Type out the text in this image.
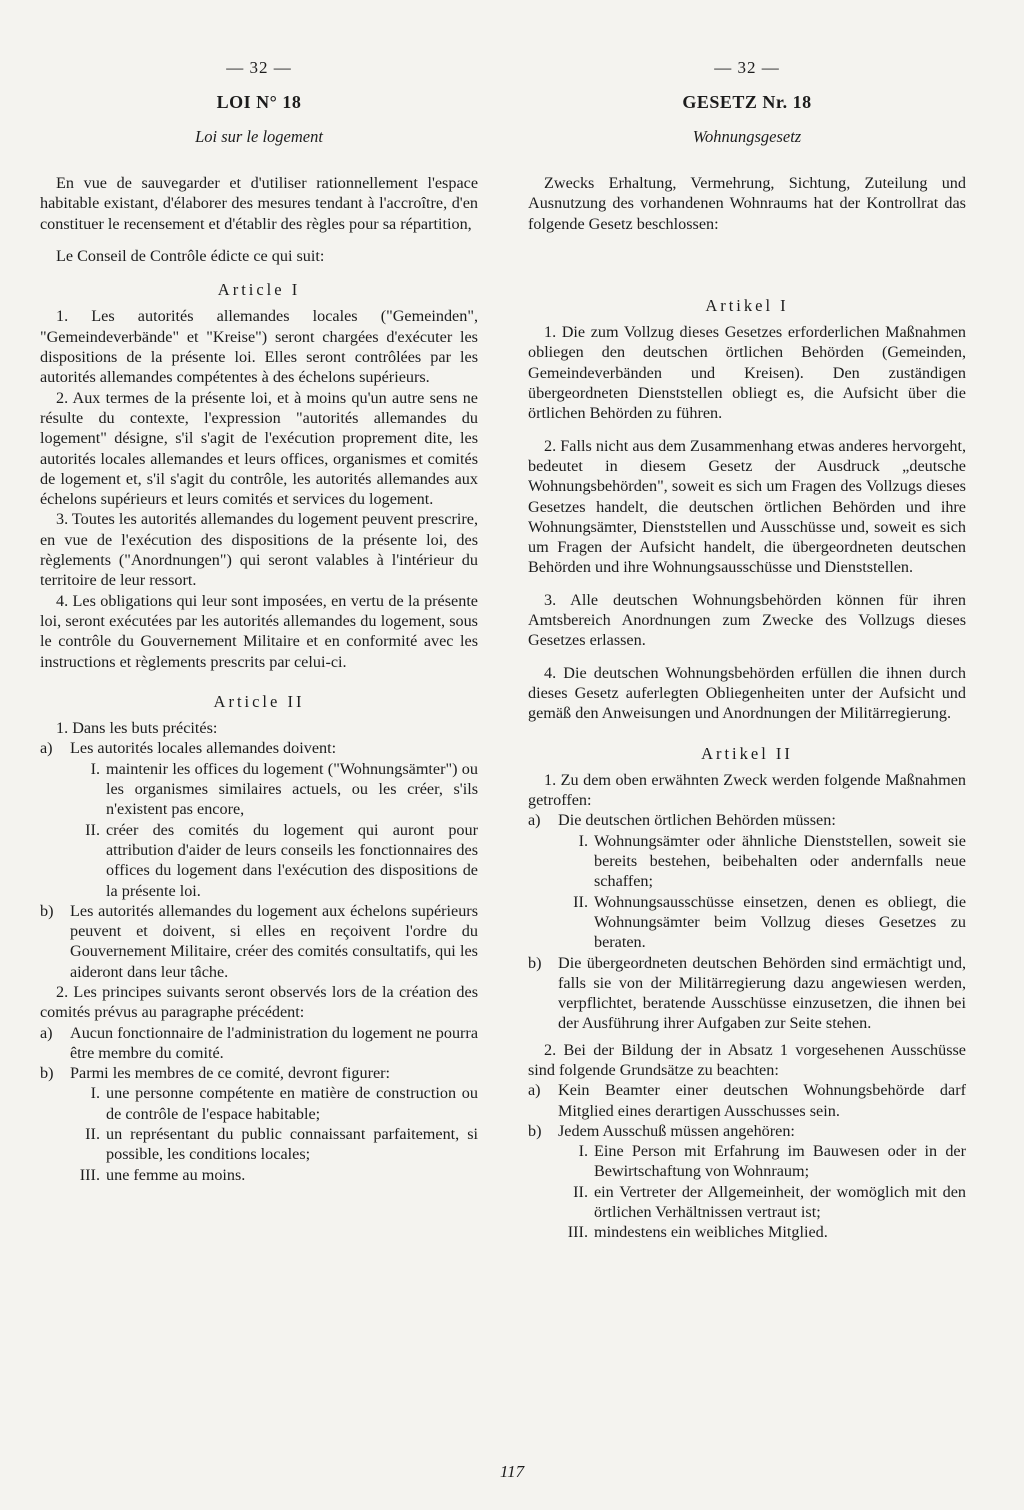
— 32 —
LOI N° 18
Loi sur le logement

En vue de sauvegarder et d'utiliser rationnellement l'espace habitable existant, d'élaborer des mesures tendant à l'accroître, d'en constituer le recensement et d'établir des règles pour sa répartition,

Le Conseil de Contrôle édicte ce qui suit:

Article I

1. Les autorités allemandes locales ("Gemeinden", "Gemeindeverbände" et "Kreise") seront chargées d'exécuter les dispositions de la présente loi. Elles seront contrôlées par les autorités allemandes compétentes à des échelons supérieurs.

2. Aux termes de la présente loi, et à moins qu'un autre sens ne résulte du contexte, l'expression "autorités allemandes du logement" désigne, s'il s'agit de l'exécution proprement dite, les autorités locales allemandes et leurs offices, organismes et comités de logement et, s'il s'agit du contrôle, les autorités allemandes aux échelons supérieurs et leurs comités et services du logement.

3. Toutes les autorités allemandes du logement peuvent prescrire, en vue de l'exécution des dispositions de la présente loi, des règlements ("Anordnungen") qui seront valables à l'intérieur du territoire de leur ressort.

4. Les obligations qui leur sont imposées, en vertu de la présente loi, seront exécutées par les autorités allemandes du logement, sous le contrôle du Gouvernement Militaire et en conformité avec les instructions et règlements prescrits par celui-ci.

Article II

1. Dans les buts précités:

a)	Les autorités locales allemandes doivent:
I. maintenir les offices du logement ("Wohnungsämter") ou les organismes similaires actuels, ou les créer, s'ils n'existent pas encore,
II. créer des comités du logement qui auront pour attribution d'aider de leurs conseils les fonctionnaires des offices du logement dans l'exécution des dispositions de la présente loi.
b)	Les autorités allemandes du logement aux échelons supérieurs peuvent et doivent, si elles en reçoivent l'ordre du Gouvernement Militaire, créer des comités consultatifs, qui les aideront dans leur tâche.

2. Les principes suivants seront observés lors de la création des comités prévus au paragraphe précédent:

a)	Aucun fonctionnaire de l'administration du logement ne pourra être membre du comité.
b)	Parmi les membres de ce comité, devront figurer:
I. une personne compétente en matière de construction ou de contrôle de l'espace habitable;
II. un représentant du public connaissant parfaitement, si possible, les conditions locales;
III. une femme au moins.
— 32 —
GESETZ Nr. 18
Wohnungsgesetz

Zwecks Erhaltung, Vermehrung, Sichtung, Zuteilung und Ausnutzung des vorhandenen Wohnraums hat der Kontrollrat das folgende Gesetz beschlossen:

Artikel I

1. Die zum Vollzug dieses Gesetzes erforderlichen Maßnahmen obliegen den deutschen örtlichen Behörden (Gemeinden, Gemeindeverbänden und Kreisen). Den zuständigen übergeordneten Dienststellen obliegt es, die Aufsicht über die örtlichen Behörden zu führen.

2. Falls nicht aus dem Zusammenhang etwas anderes hervorgeht, bedeutet in diesem Gesetz der Ausdruck „deutsche Wohnungsbehörden", soweit es sich um Fragen des Vollzugs dieses Gesetzes handelt, die deutschen örtlichen Behörden und ihre Wohnungsämter, Dienststellen und Ausschüsse und, soweit es sich um Fragen der Aufsicht handelt, die übergeordneten deutschen Behörden und ihre Wohnungsausschüsse und Dienststellen.

3. Alle deutschen Wohnungsbehörden können für ihren Amtsbereich Anordnungen zum Zwecke des Vollzugs dieses Gesetzes erlassen.

4. Die deutschen Wohnungsbehörden erfüllen die ihnen durch dieses Gesetz auferlegten Obliegenheiten unter der Aufsicht und gemäß den Anweisungen und Anordnungen der Militärregierung.

Artikel II

1. Zu dem oben erwähnten Zweck werden folgende Maßnahmen getroffen:

a)	Die deutschen örtlichen Behörden müssen:
I. Wohnungsämter oder ähnliche Dienststellen, soweit sie bereits bestehen, beibehalten oder andernfalls neue schaffen;
II. Wohnungsausschüsse einsetzen, denen es obliegt, die Wohnungsämter beim Vollzug dieses Gesetzes zu beraten.
b)	Die übergeordneten deutschen Behörden sind ermächtigt und, falls sie von der Militärregierung dazu angewiesen werden, verpflichtet, beratende Ausschüsse einzusetzen, die ihnen bei der Ausführung ihrer Aufgaben zur Seite stehen.

2. Bei der Bildung der in Absatz 1 vorgesehenen Ausschüsse sind folgende Grundsätze zu beachten:

a)	Kein Beamter einer deutschen Wohnungsbehörde darf Mitglied eines derartigen Ausschusses sein.
b)	Jedem Ausschuß müssen angehören:
I. Eine Person mit Erfahrung im Bauwesen oder in der Bewirtschaftung von Wohnraum;
II. ein Vertreter der Allgemeinheit, der womöglich mit den örtlichen Verhältnissen vertraut ist;
III. mindestens ein weibliches Mitglied.
117
